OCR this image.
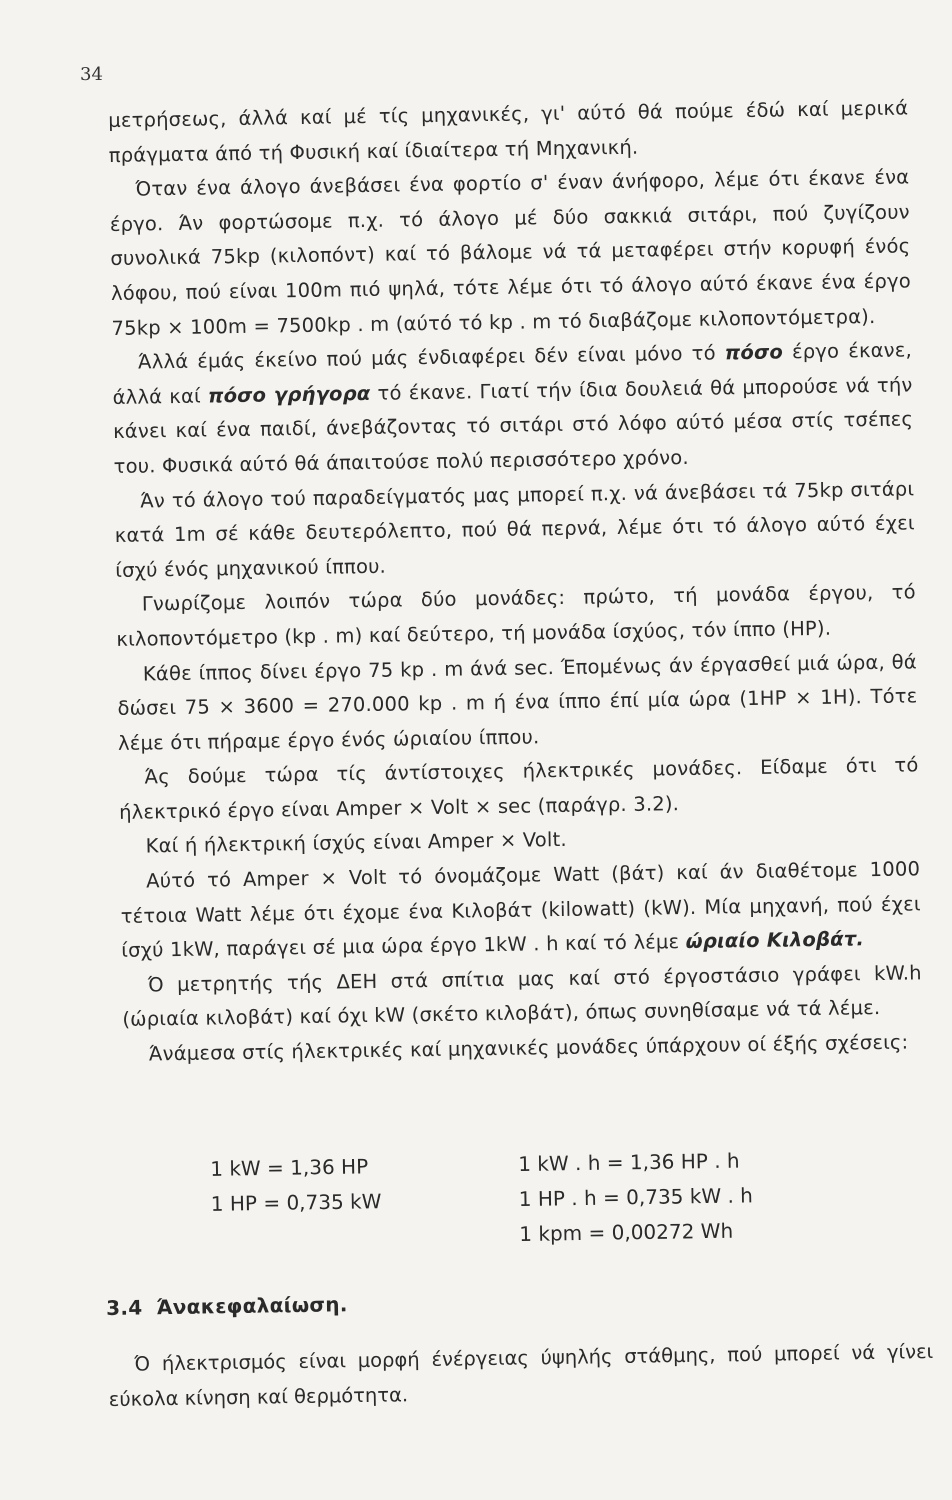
34

μετρήσεως, άλλά καί μέ τίς μηχανικές, γι' αύτό θά πούμε έδώ καί μερικά πράγματα άπό τή Φυσική καί ίδιαίτερα τή Μηχανική.

Όταν ένα άλογο άνεβάσει ένα φορτίο σ' έναν άνήφορο, λέμε ότι έκανε ένα έργο. Άν φορτώσομε π.χ. τό άλογο μέ δύο σακκιά σιτάρι, πού ζυγίζουν συνολικά 75kp (κιλοπόντ) καί τό βάλομε νά τά μεταφέρει στήν κορυφή ένός λόφου, πού είναι 100m πιό ψηλά, τότε λέμε ότι τό άλογο αύτό έκανε ένα έργο 75kp × 100m = 7500kp . m (αύτό τό kp . m τό διαβάζομε κιλοποντόμετρα).

Άλλά έμάς έκείνο πού μάς ένδιαφέρει δέν είναι μόνο τό πόσο έργο έκανε, άλλά καί πόσο γρήγορα τό έκανε. Γιατί τήν ίδια δουλειά θά μπορούσε νά τήν κάνει καί ένα παιδί, άνεβάζοντας τό σιτάρι στό λόφο αύτό μέσα στίς τσέπες του. Φυσικά αύτό θά άπαιτούσε πολύ περισσότερο χρόνο.

Άν τό άλογο τού παραδείγματός μας μπορεί π.χ. νά άνεβάσει τά 75kp σιτάρι κατά 1m σέ κάθε δευτερόλεπτο, πού θά περνά, λέμε ότι τό άλογο αύτό έχει ίσχύ ένός μηχανικού ίππου.

Γνωρίζομε λοιπόν τώρα δύο μονάδες: πρώτο, τή μονάδα έργου, τό κιλοποντόμετρο (kp . m) καί δεύτερο, τή μονάδα ίσχύος, τόν ίππο (HP).

Κάθε ίππος δίνει έργο 75 kp . m άνά sec. Έπομένως άν έργασθεί μιά ώρα, θά δώσει 75 × 3600 = 270.000 kp . m ή ένα ίππο έπί μία ώρα (1HP × 1H). Τότε λέμε ότι πήραμε έργο ένός ώριαίου ίππου.

Άς δούμε τώρα τίς άντίστοιχες ήλεκτρικές μονάδες. Είδαμε ότι τό ήλεκτρικό έργο είναι Amper × Volt × sec (παράγρ. 3.2).

Καί ή ήλεκτρική ίσχύς είναι Amper × Volt.

Αύτό τό Amper × Volt τό όνομάζομε Watt (βάτ) καί άν διαθέτομε 1000 τέτοια Watt λέμε ότι έχομε ένα Κιλοβάτ (kilowatt) (kW). Μία μηχανή, πού έχει ίσχύ 1kW, παράγει σέ μια ώρα έργο 1kW . h καί τό λέμε ώριαίο Κιλοβάτ.

Ό μετρητής τής ΔΕΗ στά σπίτια μας καί στό έργοστάσιο γράφει kW.h (ώριαία κιλοβάτ) καί όχι kW (σκέτο κιλοβάτ), όπως συνηθίσαμε νά τά λέμε.

Άνάμεσα στίς ήλεκτρικές καί μηχανικές μονάδες ύπάρχουν οί έξής σχέσεις:

1 kW = 1,36 HP
1 HP = 0,735 kW
1 kW . h = 1,36 HP . h
1 HP . h = 0,735 kW . h
1 kpm = 0,00272 Wh
3.4 Άνακεφαλαίωση.

Ό ήλεκτρισμός είναι μορφή ένέργειας ύψηλής στάθμης, πού μπορεί νά γίνει εύκολα κίνηση καί θερμότητα.
